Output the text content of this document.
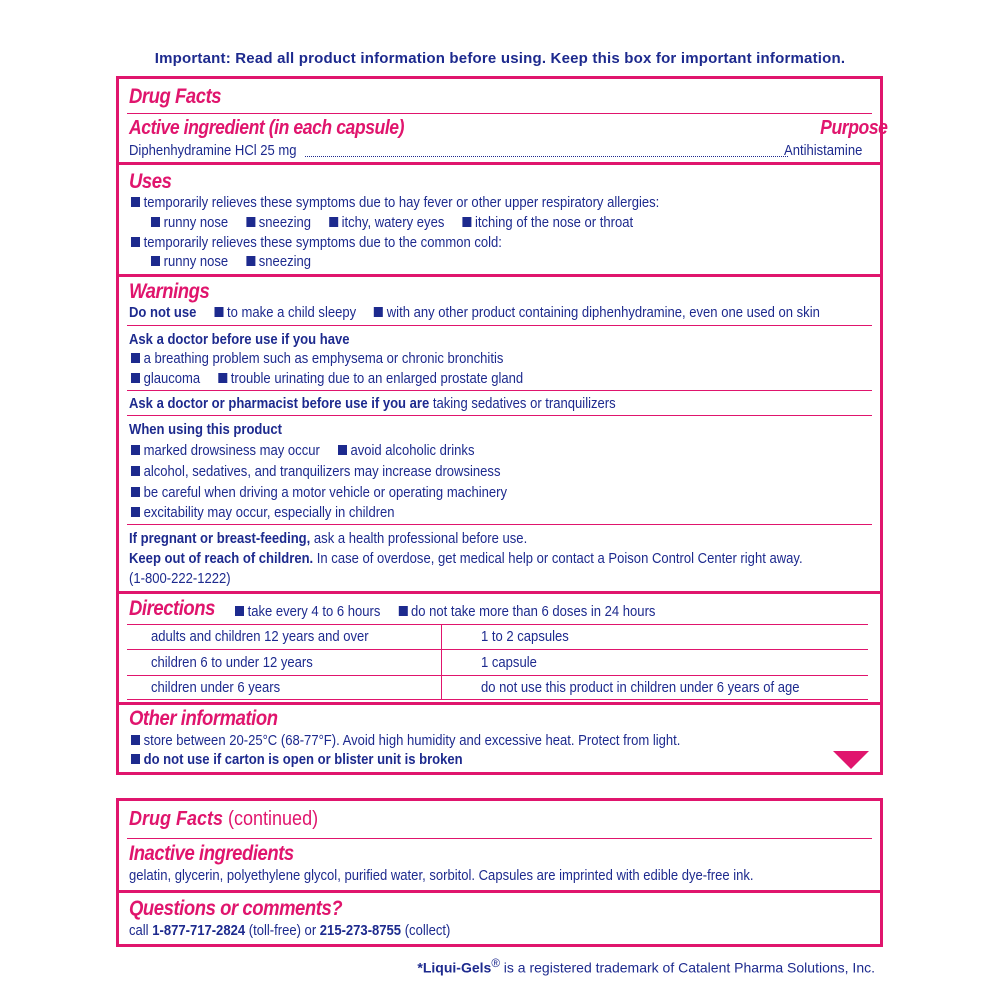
Important: Read all product information before using. Keep this box for important information.
Drug Facts
Active ingredient (in each capsule)	Purpose
Diphenhydramine HCl 25 mg	Antihistamine
Uses
temporarily relieves these symptoms due to hay fever or other upper respiratory allergies:
runny nose sneezing itchy, watery eyes itching of the nose or throat
temporarily relieves these symptoms due to the common cold:
runny nose sneezing
Warnings
Do not use to make a child sleepy with any other product containing diphenhydramine, even one used on skin
Ask a doctor before use if you have
a breathing problem such as emphysema or chronic bronchitis
glaucoma trouble urinating due to an enlarged prostate gland
Ask a doctor or pharmacist before use if you are taking sedatives or tranquilizers
When using this product
marked drowsiness may occur avoid alcoholic drinks
alcohol, sedatives, and tranquilizers may increase drowsiness
be careful when driving a motor vehicle or operating machinery
excitability may occur, especially in children
If pregnant or breast-feeding, ask a health professional before use.
Keep out of reach of children. In case of overdose, get medical help or contact a Poison Control Center right away.
(1-800-222-1222)
Directions	take every 4 to 6 hours do not take more than 6 doses in 24 hours
adults and children 12 years and over	1 to 2 capsules
children 6 to under 12 years	1 capsule
children under 6 years	do not use this product in children under 6 years of age
Other information
store between 20-25°C (68-77°F). Avoid high humidity and excessive heat. Protect from light.
do not use if carton is open or blister unit is broken
Drug Facts (continued)
Inactive ingredients
gelatin, glycerin, polyethylene glycol, purified water, sorbitol. Capsules are imprinted with edible dye-free ink.
Questions or comments?
call 1-877-717-2824 (toll-free) or 215-273-8755 (collect)
*Liqui-Gels® is a registered trademark of Catalent Pharma Solutions, Inc.
